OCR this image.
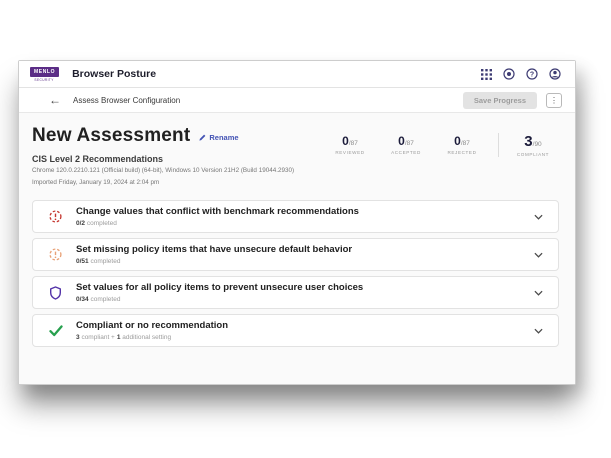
MENLO
SECURITY Browser Posture	?
← Assess Browser Configuration	Save Progress	⋮
New Assessment	Rename
CIS Level 2 Recommendations
Chrome 120.0.2210.121 (Official build) (64-bit), Windows 10 Version 21H2 (Build 19044.2930)
Imported Friday, January 19, 2024 at 2:04 pm
0/87
REVIEWED
0/87
ACCEPTED
0/87
REJECTED
3/90
COMPLIANT
Change values that conflict with benchmark recommendations
0/2 completed
Set missing policy items that have unsecure default behavior
0/51 completed
Set values for all policy items to prevent unsecure user choices
0/34 completed
Compliant or no recommendation
3 compliant + 1 additional setting
